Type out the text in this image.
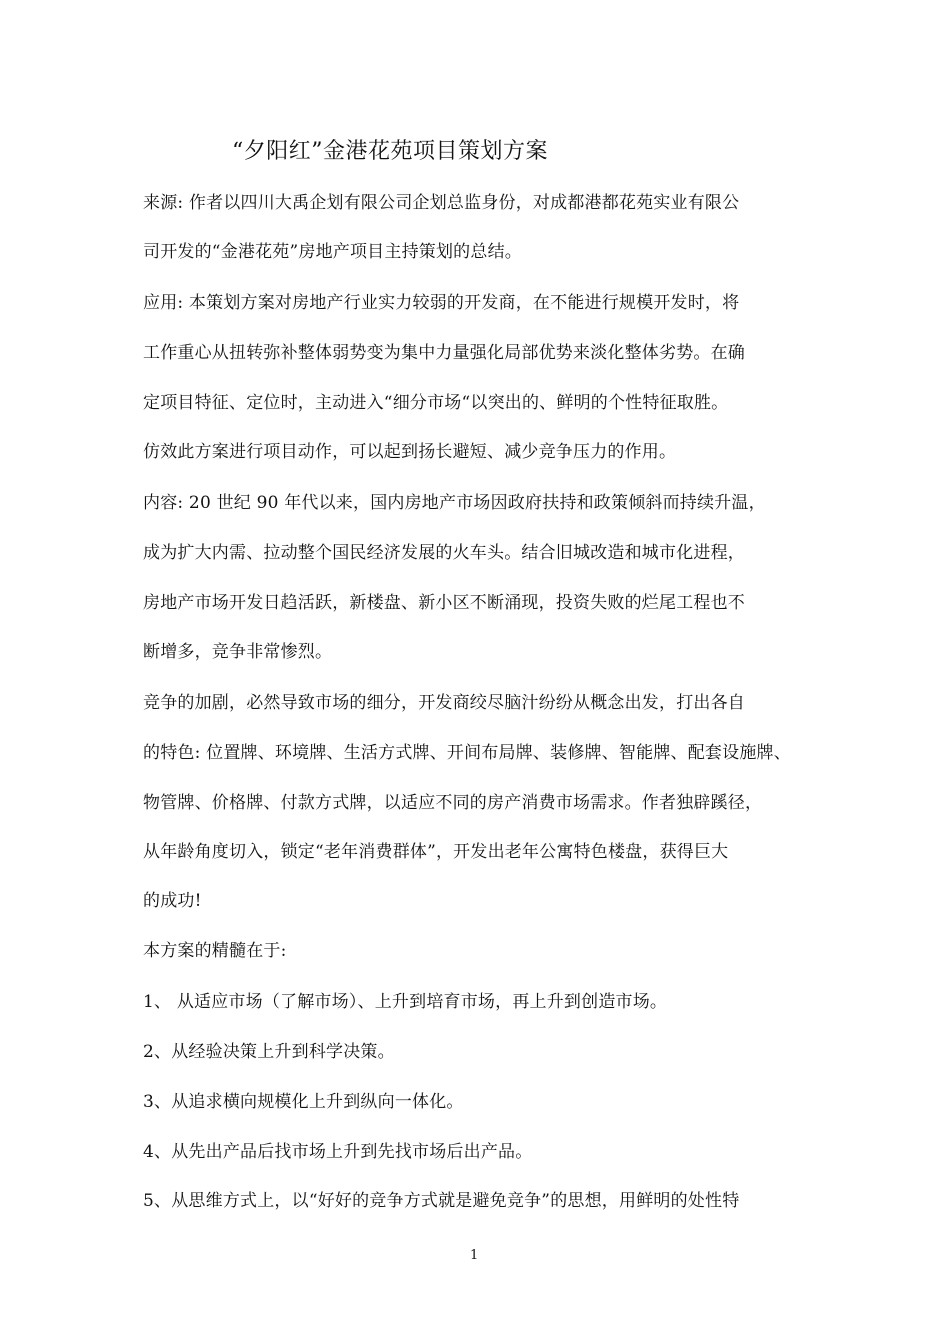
“夕阳红”金港花苑项目策划方案
来源: 作者以四川大禹企划有限公司企划总监身份，对成都港都花苑实业有限公
司开发的“金港花苑”房地产项目主持策划的总结。
应用: 本策划方案对房地产行业实力较弱的开发商，在不能进行规模开发时，将
工作重心从扭转弥补整体弱势变为集中力量强化局部优势来淡化整体劣势。在确
定项目特征、定位时，主动进入“细分市场“以突出的、鲜明的个性特征取胜。
仿效此方案进行项目动作，可以起到扬长避短、减少竞争压力的作用。
内容: 20 世纪 90 年代以来，国内房地产市场因政府扶持和政策倾斜而持续升温，
成为扩大内需、拉动整个国民经济发展的火车头。结合旧城改造和城市化进程，
房地产市场开发日趋活跃，新楼盘、新小区不断涌现，投资失败的烂尾工程也不
断增多，竞争非常惨烈。
竞争的加剧，必然导致市场的细分，开发商绞尽脑汁纷纷从概念出发，打出各自
的特色: 位置牌、环境牌、生活方式牌、开间布局牌、装修牌、智能牌、配套设施牌、
物管牌、价格牌、付款方式牌，以适应不同的房产消费市场需求。作者独辟蹊径，
从年龄角度切入，锁定“老年消费群体”，开发出老年公寓特色楼盘，获得巨大
的成功!
本方案的精髓在于:
1、 从适应市场（了解市场）、上升到培育市场，再上升到创造市场。
2、从经验决策上升到科学决策。
3、从追求横向规模化上升到纵向一体化。
4、从先出产品后找市场上升到先找市场后出产品。
5、从思维方式上，以“好好的竞争方式就是避免竞争”的思想，用鲜明的处性特
1
